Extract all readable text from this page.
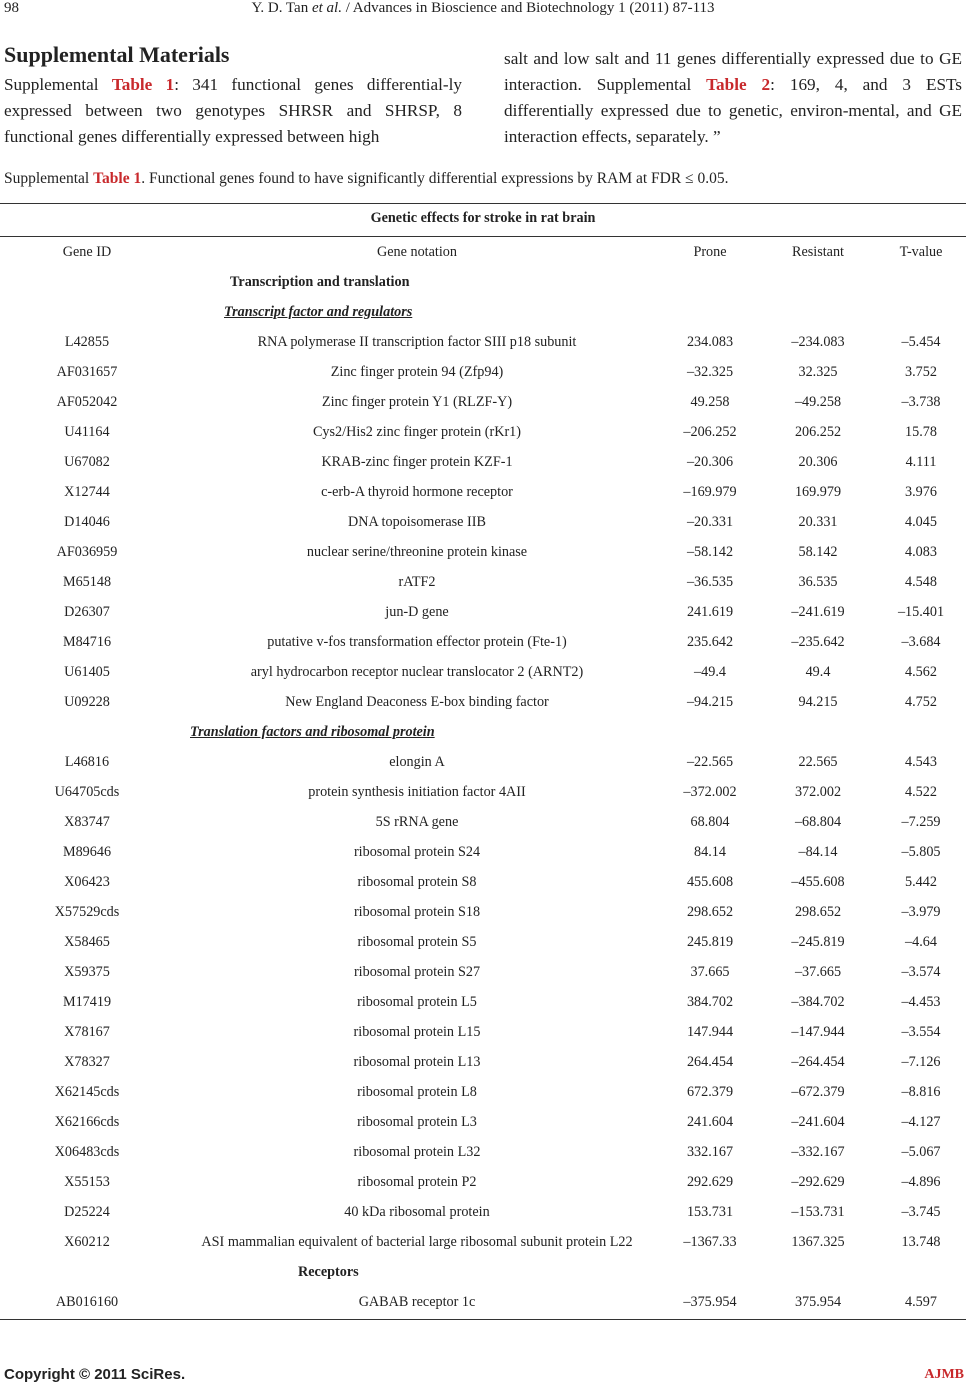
98	Y. D. Tan et al. / Advances in Bioscience and Biotechnology 1 (2011) 87-113
Supplemental Materials
Supplemental Table 1: 341 functional genes differential-ly expressed between two genotypes SHRSR and SHRSP, 8 functional genes differentially expressed between high
salt and low salt and 11 genes differentially expressed due to GE interaction. Supplemental Table 2: 169, 4, and 3 ESTs differentially expressed due to genetic, environ-mental, and GE interaction effects, separately. ”
Supplemental Table 1. Functional genes found to have significantly differential expressions by RAM at FDR ≤ 0.05.
Genetic effects for stroke in rat brain
Gene ID	Gene notation	Prone	Resistant	T-value
	Transcription and translation			
	Transcript factor and regulators			
L42855	RNA polymerase II transcription factor SIII p18 subunit	234.083	–234.083	–5.454
AF031657	Zinc finger protein 94 (Zfp94)	–32.325	32.325	3.752
AF052042	Zinc finger protein Y1 (RLZF-Y)	49.258	–49.258	–3.738
U41164	Cys2/His2 zinc finger protein (rKr1)	–206.252	206.252	15.78
U67082	KRAB-zinc finger protein KZF-1	–20.306	20.306	4.111
X12744	c-erb-A thyroid hormone receptor	–169.979	169.979	3.976
D14046	DNA topoisomerase IIB	–20.331	20.331	4.045
AF036959	nuclear serine/threonine protein kinase	–58.142	58.142	4.083
M65148	rATF2	–36.535	36.535	4.548
D26307	jun-D gene	241.619	–241.619	–15.401
M84716	putative v-fos transformation effector protein (Fte-1)	235.642	–235.642	–3.684
U61405	aryl hydrocarbon receptor nuclear translocator 2 (ARNT2)	–49.4	49.4	4.562
U09228	New England Deaconess E-box binding factor	–94.215	94.215	4.752
	Translation factors and ribosomal protein			
L46816	elongin A	–22.565	22.565	4.543
U64705cds	protein synthesis initiation factor 4AII	–372.002	372.002	4.522
X83747	5S rRNA gene	68.804	–68.804	–7.259
M89646	ribosomal protein S24	84.14	–84.14	–5.805
X06423	ribosomal protein S8	455.608	–455.608	5.442
X57529cds	ribosomal protein S18	298.652	298.652	–3.979
X58465	ribosomal protein S5	245.819	–245.819	–4.64
X59375	ribosomal protein S27	37.665	–37.665	–3.574
M17419	ribosomal protein L5	384.702	–384.702	–4.453
X78167	ribosomal protein L15	147.944	–147.944	–3.554
X78327	ribosomal protein L13	264.454	–264.454	–7.126
X62145cds	ribosomal protein L8	672.379	–672.379	–8.816
X62166cds	ribosomal protein L3	241.604	–241.604	–4.127
X06483cds	ribosomal protein L32	332.167	–332.167	–5.067
X55153	ribosomal protein P2	292.629	–292.629	–4.896
D25224	40 kDa ribosomal protein	153.731	–153.731	–3.745
X60212	ASI mammalian equivalent of bacterial large ribosomal subunit protein L22	–1367.33	1367.325	13.748
	Receptors			
AB016160	GABAB receptor 1c	–375.954	375.954	4.597
Copyright © 2011 SciRes.	AJMB
